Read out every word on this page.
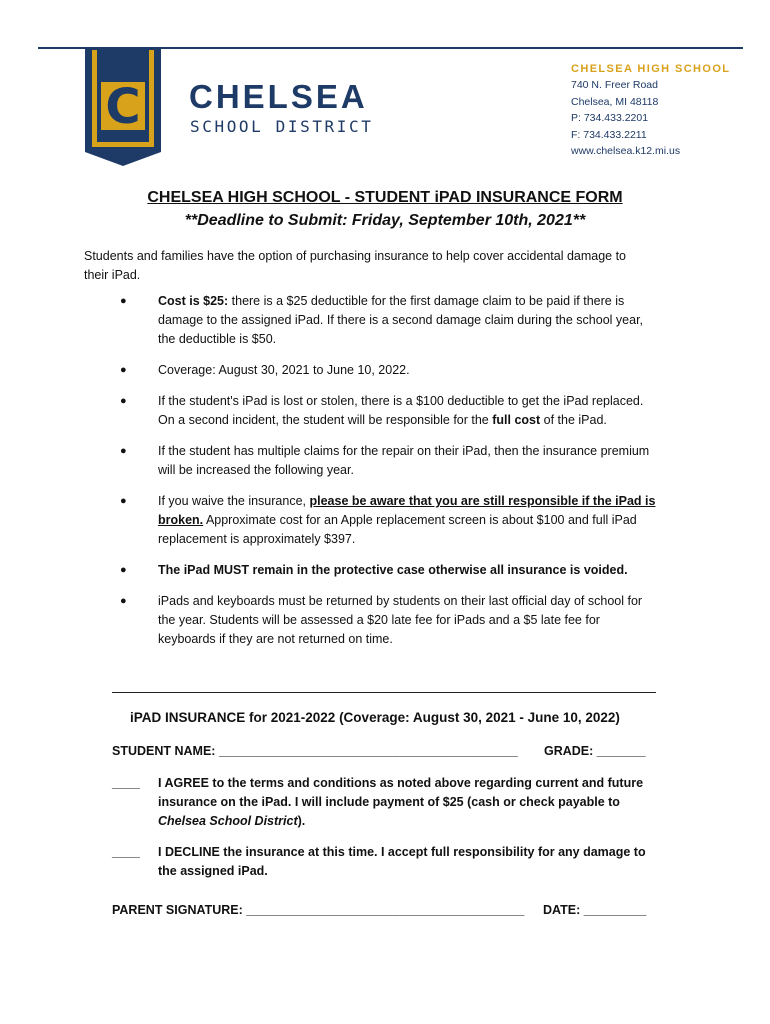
C CHELSEA
SCHOOL DISTRICT
CHELSEA HIGH SCHOOL
740 N. Freer Road
Chelsea, MI 48118
P: 734.433.2201
F: 734.433.2211
www.chelsea.k12.mi.us
CHELSEA HIGH SCHOOL - STUDENT iPAD INSURANCE FORM
**Deadline to Submit: Friday, September 10th, 2021**
Students and families have the option of purchasing insurance to help cover accidental damage to their iPad.
●	Cost is $25: there is a $25 deductible for the first damage claim to be paid if there is damage to the assigned iPad. If there is a second damage claim during the school year, the deductible is $50.
●	Coverage: August 30, 2021 to June 10, 2022.
●	If the student's iPad is lost or stolen, there is a $100 deductible to get the iPad replaced. On a second incident, the student will be responsible for the full cost of the iPad.
●	If the student has multiple claims for the repair on their iPad, then the insurance premium will be increased the following year.
●	If you waive the insurance, please be aware that you are still responsible if the iPad is broken. Approximate cost for an Apple replacement screen is about $100 and full iPad replacement is approximately $397.
●	The iPad MUST remain in the protective case otherwise all insurance is voided.
●	iPads and keyboards must be returned by students on their last official day of school for the year. Students will be assessed a $20 late fee for iPads and a $5 late fee for keyboards if they are not returned on time.
iPAD INSURANCE for 2021-2022 (Coverage: August 30, 2021 - June 10, 2022)
STUDENT NAME: ___________________________________________ GRADE: _______
____ I AGREE to the terms and conditions as noted above regarding current and future insurance on the iPad. I will include payment of $25 (cash or check payable to Chelsea School District).
____ I DECLINE the insurance at this time. I accept full responsibility for any damage to the assigned iPad.
PARENT SIGNATURE: ________________________________________ DATE: _________
